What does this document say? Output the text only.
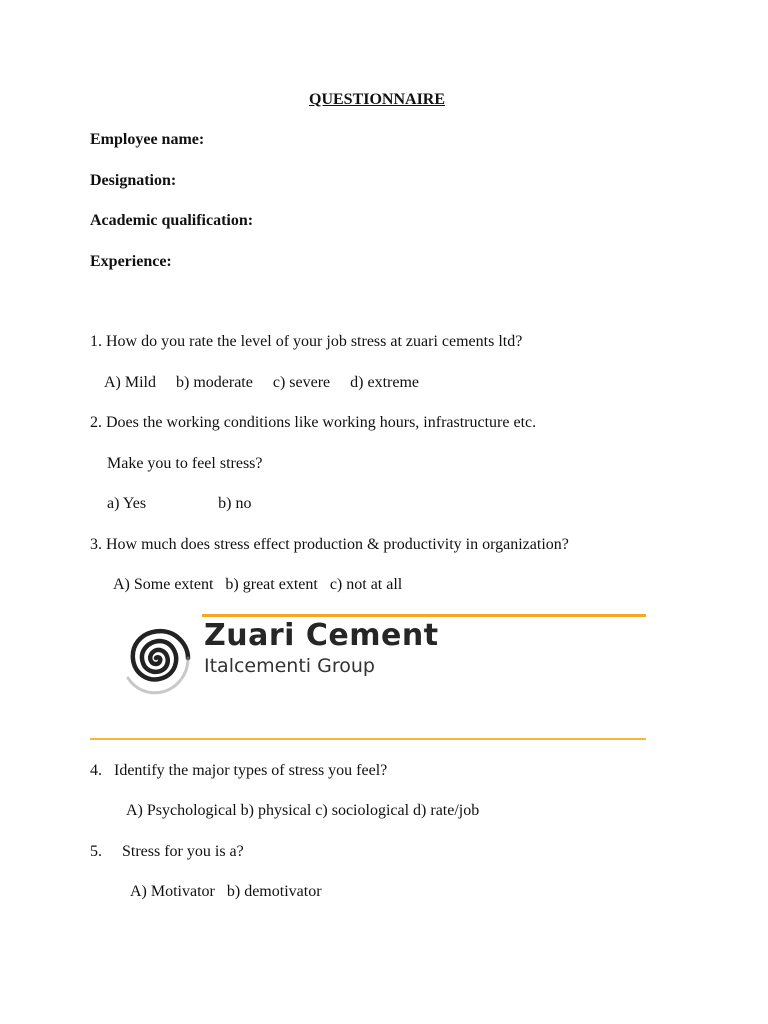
QUESTIONNAIRE
Employee name:
Designation:
Academic qualification:
Experience:
1. How do you rate the level of your job stress at zuari cements ltd?
A) Mild     b) moderate     c) severe     d) extreme
2. Does the working conditions like working hours, infrastructure etc.
Make you to feel stress?
a) Yes                  b) no
3. How much does stress effect production & productivity in organization?
A) Some extent   b) great extent   c) not at all
Zuari Cement
Italcementi Group
4.   Identify the major types of stress you feel?
A) Psychological b) physical c) sociological d) rate/job
5.     Stress for you is a?
A) Motivator   b) demotivator
